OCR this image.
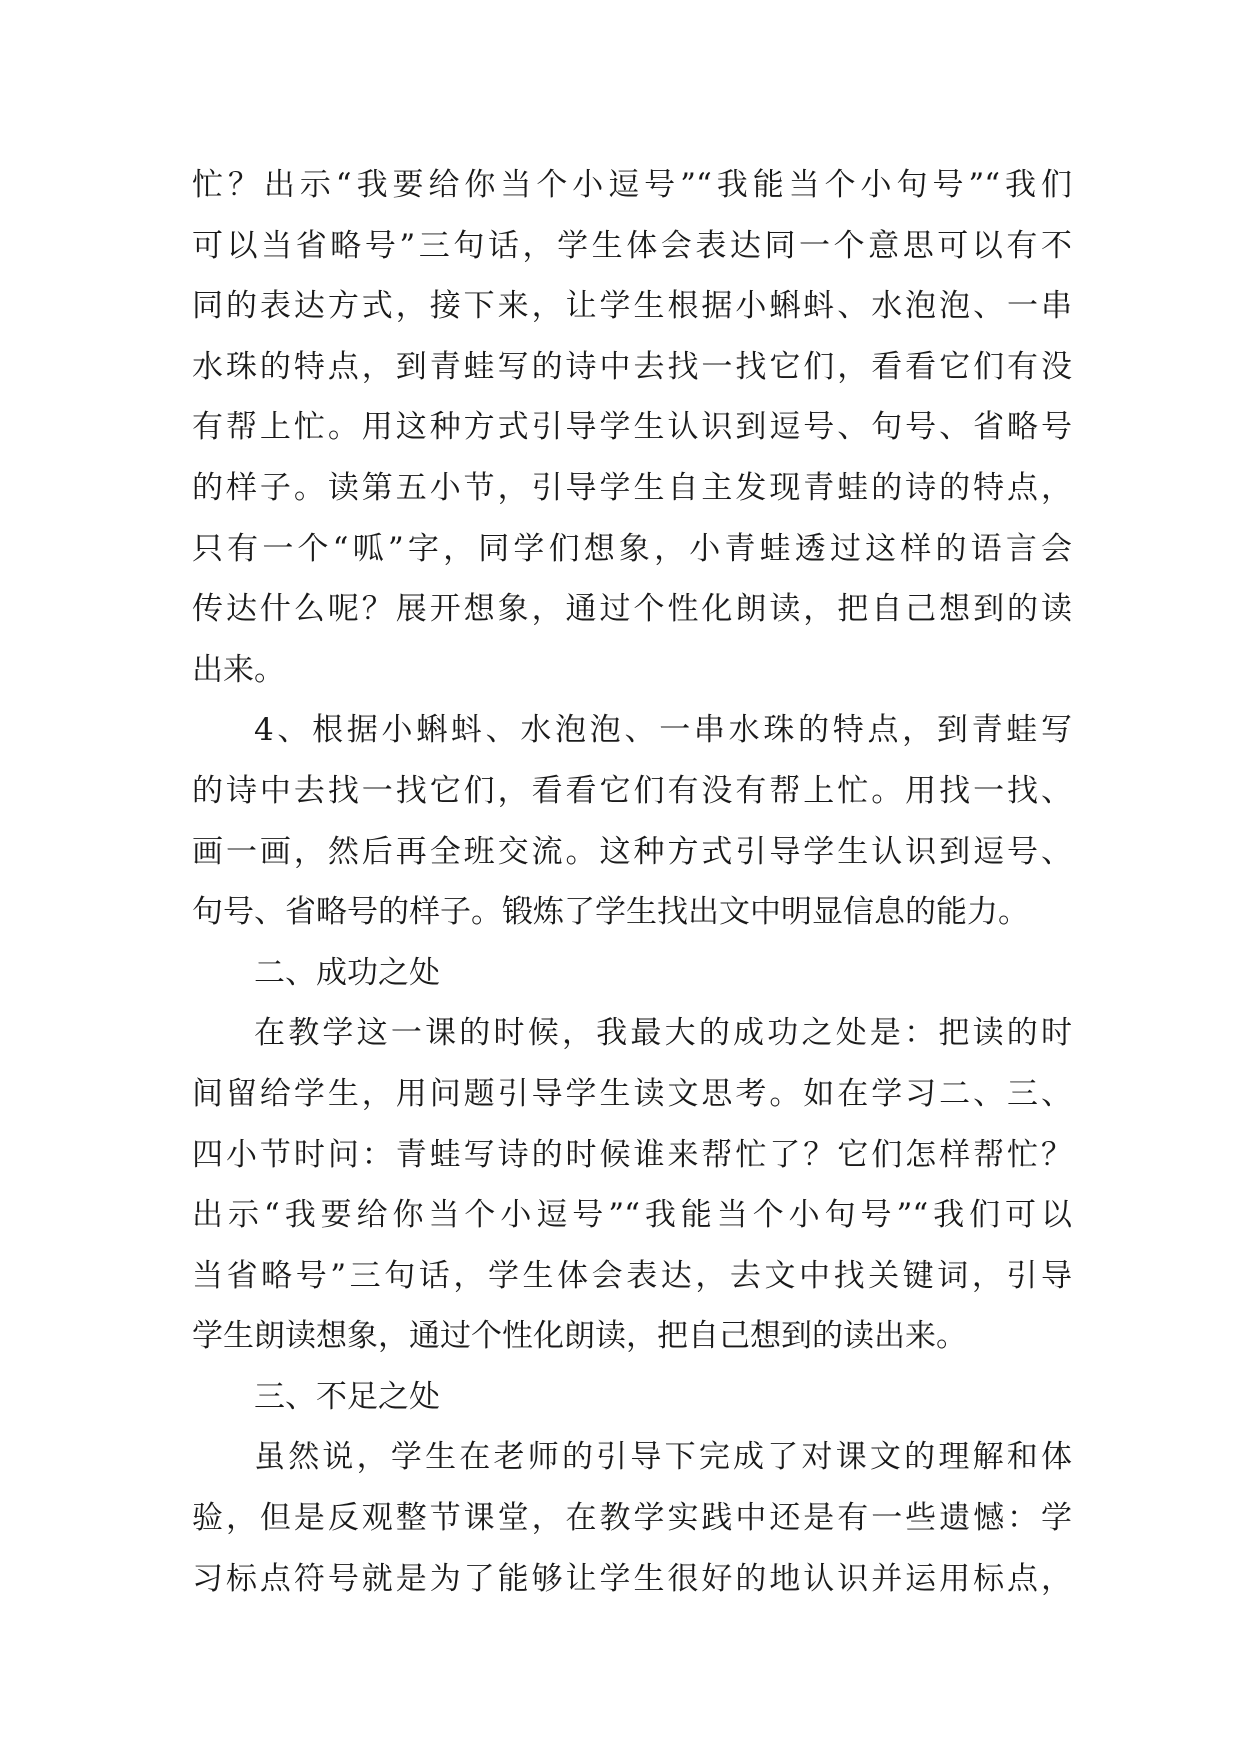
忙？出示“我要给你当个小逗号”“我能当个小句号”“我们
可以当省略号”三句话，学生体会表达同一个意思可以有不
同的表达方式，接下来，让学生根据小蝌蚪、水泡泡、一串
水珠的特点，到青蛙写的诗中去找一找它们，看看它们有没
有帮上忙。用这种方式引导学生认识到逗号、句号、省略号
的样子。读第五小节，引导学生自主发现青蛙的诗的特点，
只有一个“呱”字，同学们想象，小青蛙透过这样的语言会
传达什么呢？展开想象，通过个性化朗读，把自己想到的读
出来。
4、根据小蝌蚪、水泡泡、一串水珠的特点，到青蛙写
的诗中去找一找它们，看看它们有没有帮上忙。用找一找、
画一画，然后再全班交流。这种方式引导学生认识到逗号、
句号、省略号的样子。锻炼了学生找出文中明显信息的能力。
二、成功之处
在教学这一课的时候，我最大的成功之处是：把读的时
间留给学生，用问题引导学生读文思考。如在学习二、三、
四小节时问：青蛙写诗的时候谁来帮忙了？它们怎样帮忙？
出示“我要给你当个小逗号”“我能当个小句号”“我们可以
当省略号”三句话，学生体会表达，去文中找关键词，引导
学生朗读想象，通过个性化朗读，把自己想到的读出来。
三、不足之处
虽然说，学生在老师的引导下完成了对课文的理解和体
验，但是反观整节课堂，在教学实践中还是有一些遗憾：学
习标点符号就是为了能够让学生很好的地认识并运用标点，
